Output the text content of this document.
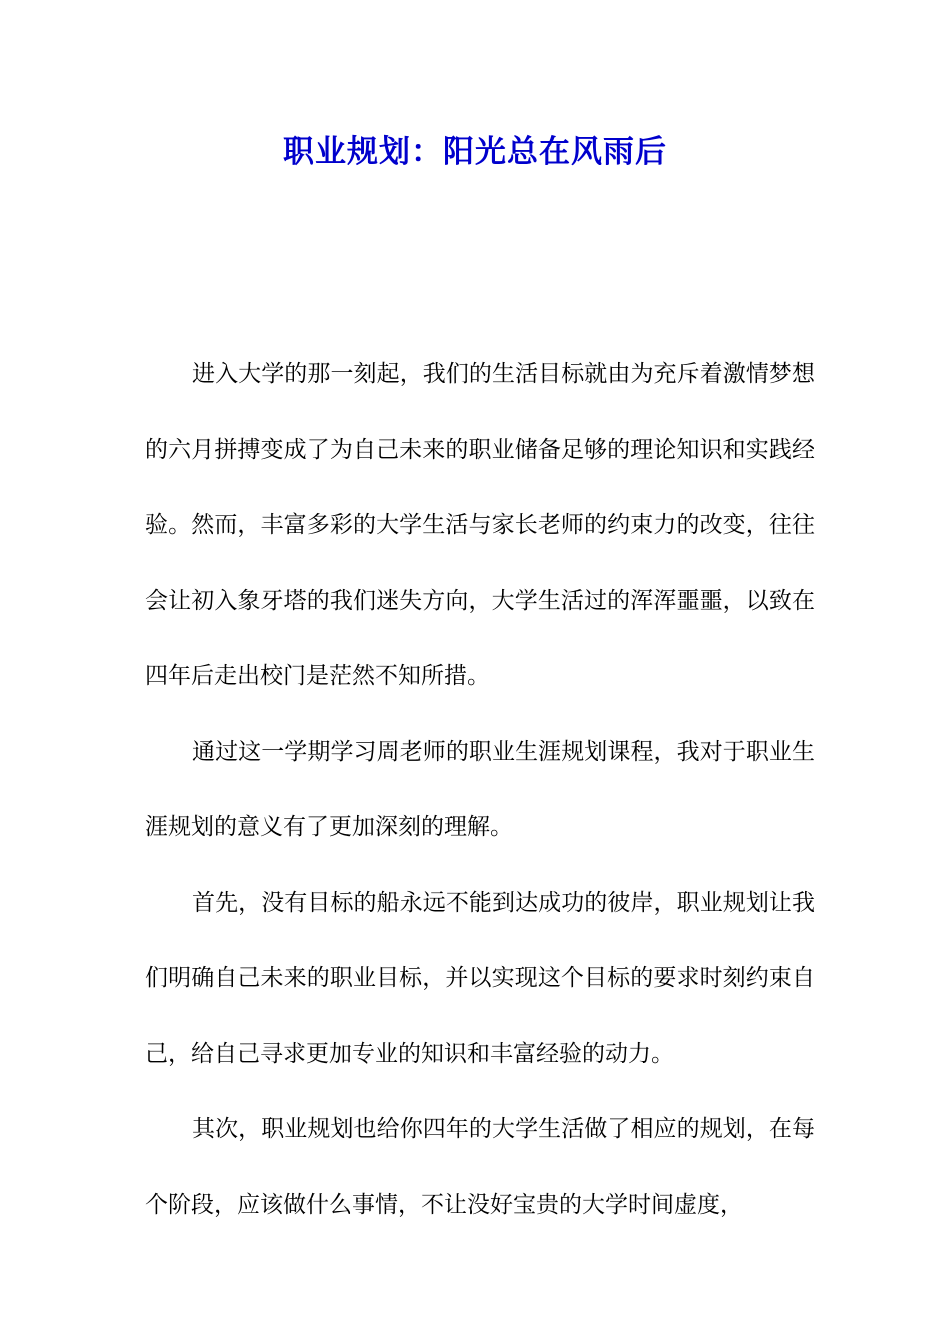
职业规划：阳光总在风雨后

进入大学的那一刻起，我们的生活目标就由为充斥着激情梦想的六月拼搏变成了为自己未来的职业储备足够的理论知识和实践经验。然而，丰富多彩的大学生活与家长老师的约束力的改变，往往会让初入象牙塔的我们迷失方向，大学生活过的浑浑噩噩，以致在四年后走出校门是茫然不知所措。

通过这一学期学习周老师的职业生涯规划课程，我对于职业生涯规划的意义有了更加深刻的理解。

首先，没有目标的船永远不能到达成功的彼岸，职业规划让我们明确自己未来的职业目标，并以实现这个目标的要求时刻约束自己，给自己寻求更加专业的知识和丰富经验的动力。

其次，职业规划也给你四年的大学生活做了相应的规划，在每个阶段，应该做什么事情，不让没好宝贵的大学时间虚度，
